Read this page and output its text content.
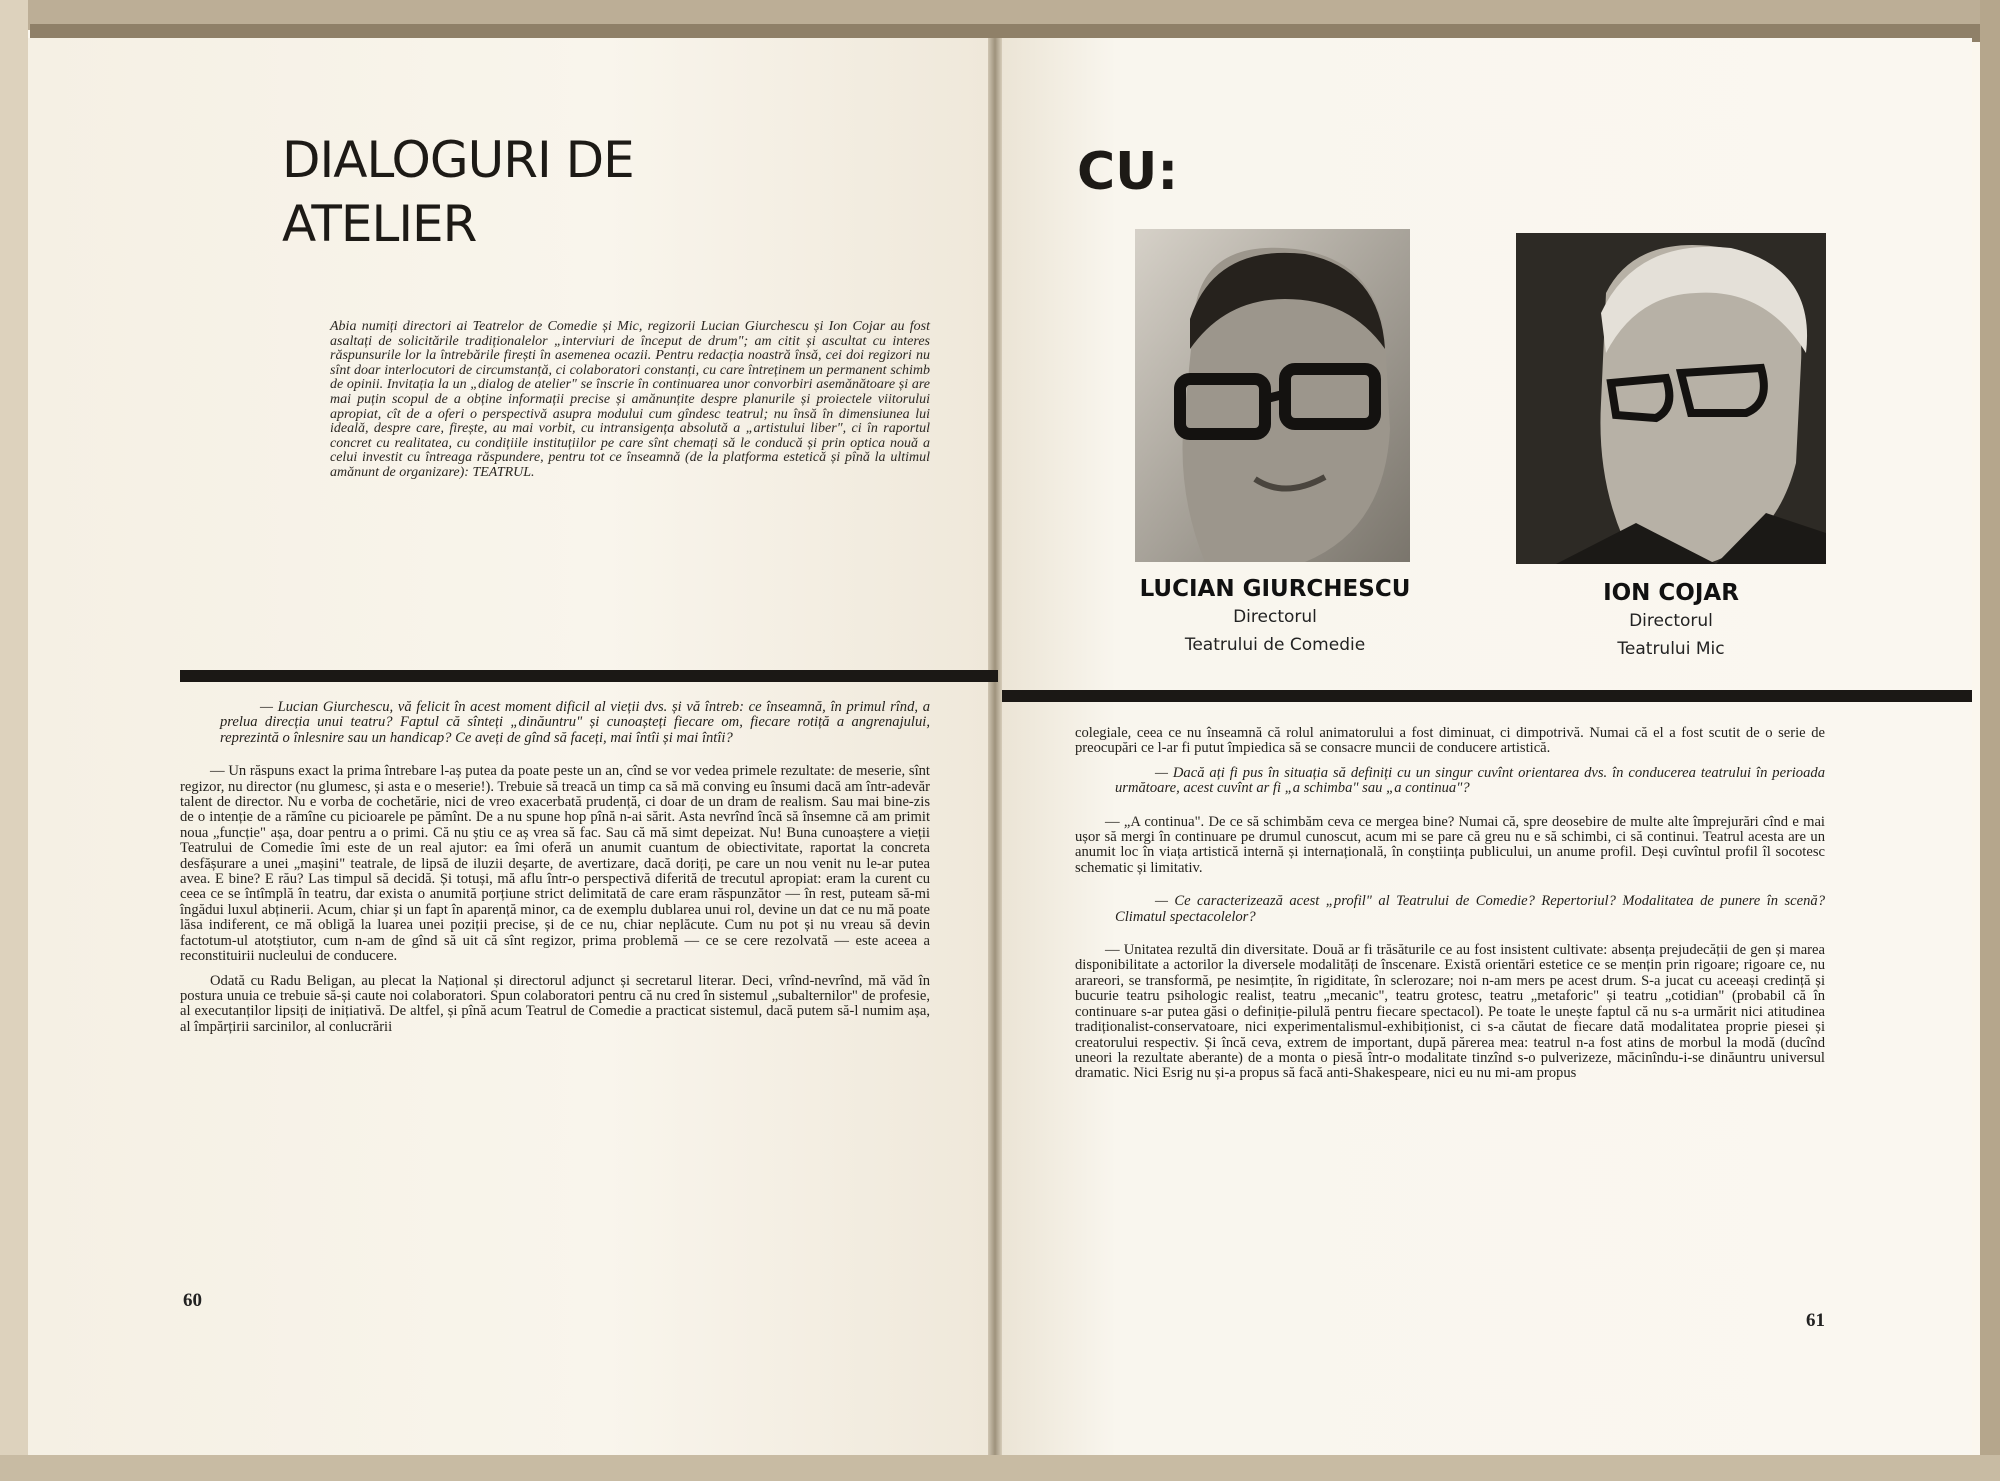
DIALOGURI DE ATELIER

Abia numiți directori ai Teatrelor de Comedie și Mic, regizorii Lucian Giurchescu și Ion Cojar au fost asaltați de solicitările tradiționalelor „interviuri de început de drum"; am citit și ascultat cu interes răspunsurile lor la întrebările firești în asemenea ocazii. Pentru redacția noastră însă, cei doi regizori nu sînt doar interlocutori de circumstanță, ci colaboratori constanți, cu care întreținem un permanent schimb de opinii. Invitația la un „dialog de atelier" se înscrie în continuarea unor convorbiri asemănătoare și are mai puțin scopul de a obține informații precise și amănunțite despre planurile și proiectele viitorului apropiat, cît de a oferi o perspectivă asupra modului cum gîndesc teatrul; nu însă în dimensiunea lui ideală, despre care, firește, au mai vorbit, cu intransigența absolută a „artistului liber", ci în raportul concret cu realitatea, cu condițiile instituțiilor pe care sînt chemați să le conducă și prin optica nouă a celui investit cu întreaga răspundere, pentru tot ce înseamnă (de la platforma estetică și pînă la ultimul amănunt de organizare): TEATRUL.

— Lucian Giurchescu, vă felicit în acest moment dificil al vieții dvs. și vă întreb: ce înseamnă, în primul rînd, a prelua direcția unui teatru? Faptul că sînteți „dinăuntru" și cunoașteți fiecare om, fiecare rotiță a angrenajului, reprezintă o înlesnire sau un handicap? Ce aveți de gînd să faceți, mai întîi și mai întîi?

— Un răspuns exact la prima întrebare l-aș putea da poate peste un an, cînd se vor vedea primele rezultate: de meserie, sînt regizor, nu director (nu glumesc, și asta e o meserie!). Trebuie să treacă un timp ca să mă conving eu însumi dacă am într-adevăr talent de director. Nu e vorba de cochetărie, nici de vreo exacerbată prudență, ci doar de un dram de realism. Sau mai bine-zis de o intenție de a rămîne cu picioarele pe pămînt. De a nu spune hop pînă n-ai sărit. Asta nevrînd încă să însemne că am primit noua „funcție" așa, doar pentru a o primi. Că nu știu ce aș vrea să fac. Sau că mă simt depeizat. Nu! Buna cunoaștere a vieții Teatrului de Comedie îmi este de un real ajutor: ea îmi oferă un anumit cuantum de obiectivitate, raportat la concreta desfășurare a unei „mașini" teatrale, de lipsă de iluzii deșarte, de avertizare, dacă doriți, pe care un nou venit nu le-ar putea avea. E bine? E rău? Las timpul să decidă. Și totuși, mă aflu într-o perspectivă diferită de trecutul apropiat: eram la curent cu ceea ce se întîmplă în teatru, dar exista o anumită porțiune strict delimitată de care eram răspunzător — în rest, puteam să-mi îngădui luxul abținerii. Acum, chiar și un fapt în aparență minor, ca de exemplu dublarea unui rol, devine un dat ce nu mă poate lăsa indiferent, ce mă obligă la luarea unei poziții precise, și de ce nu, chiar neplăcute. Cum nu pot și nu vreau să devin factotum-ul atotștiutor, cum n-am de gînd să uit că sînt regizor, prima problemă — ce se cere rezolvată — este aceea a reconstituirii nucleului de conducere.

Odată cu Radu Beligan, au plecat la Național și directorul adjunct și secretarul literar. Deci, vrînd-nevrînd, mă văd în postura unuia ce trebuie să-și caute noi colaboratori. Spun colaboratori pentru că nu cred în sistemul „subalternilor" de profesie, al executanților lipsiți de inițiativă. De altfel, și pînă acum Teatrul de Comedie a practicat sistemul, dacă putem să-l numim așa, al împărțirii sarcinilor, al conlucrării

60
CU:
LUCIAN GIURCHESCU
Directorul
Teatrului de Comedie
ION COJAR
Directorul
Teatrului Mic

colegiale, ceea ce nu înseamnă că rolul animatorului a fost diminuat, ci dimpotrivă. Numai că el a fost scutit de o serie de preocupări ce l-ar fi putut împiedica să se consacre muncii de conducere artistică.

— Dacă ați fi pus în situația să definiți cu un singur cuvînt orientarea dvs. în conducerea teatrului în perioada următoare, acest cuvînt ar fi „a schimba" sau „a continua"?

— „A continua". De ce să schimbăm ceva ce mergea bine? Numai că, spre deosebire de multe alte împrejurări cînd e mai ușor să mergi în continuare pe drumul cunoscut, acum mi se pare că greu nu e să schimbi, ci să continui. Teatrul acesta are un anumit loc în viața artistică internă și internațională, în conștiința publicului, un anume profil. Deși cuvîntul profil îl socotesc schematic și limitativ.

— Ce caracterizează acest „profil" al Teatrului de Comedie? Repertoriul? Modalitatea de punere în scenă? Climatul spectacolelor?

— Unitatea rezultă din diversitate. Două ar fi trăsăturile ce au fost insistent cultivate: absența prejudecății de gen și marea disponibilitate a actorilor la diversele modalități de înscenare. Există orientări estetice ce se mențin prin rigoare; rigoare ce, nu arareori, se transformă, pe nesimțite, în rigiditate, în sclerozare; noi n-am mers pe acest drum. S-a jucat cu aceeași credință și bucurie teatru psihologic realist, teatru „mecanic", teatru grotesc, teatru „metaforic" și teatru „cotidian" (probabil că în continuare s-ar putea găsi o definiție-pilulă pentru fiecare spectacol). Pe toate le unește faptul că nu s-a urmărit nici atitudinea tradiționalist-conservatoare, nici experimentalismul-exhibiționist, ci s-a căutat de fiecare dată modalitatea proprie piesei și creatorului respectiv. Și încă ceva, extrem de important, după părerea mea: teatrul n-a fost atins de morbul la modă (ducînd uneori la rezultate aberante) de a monta o piesă într-o modalitate tinzînd s-o pulverizeze, măcinîndu-i-se dinăuntru universul dramatic. Nici Esrig nu și-a propus să facă anti-Shakespeare, nici eu nu mi-am propus

61
